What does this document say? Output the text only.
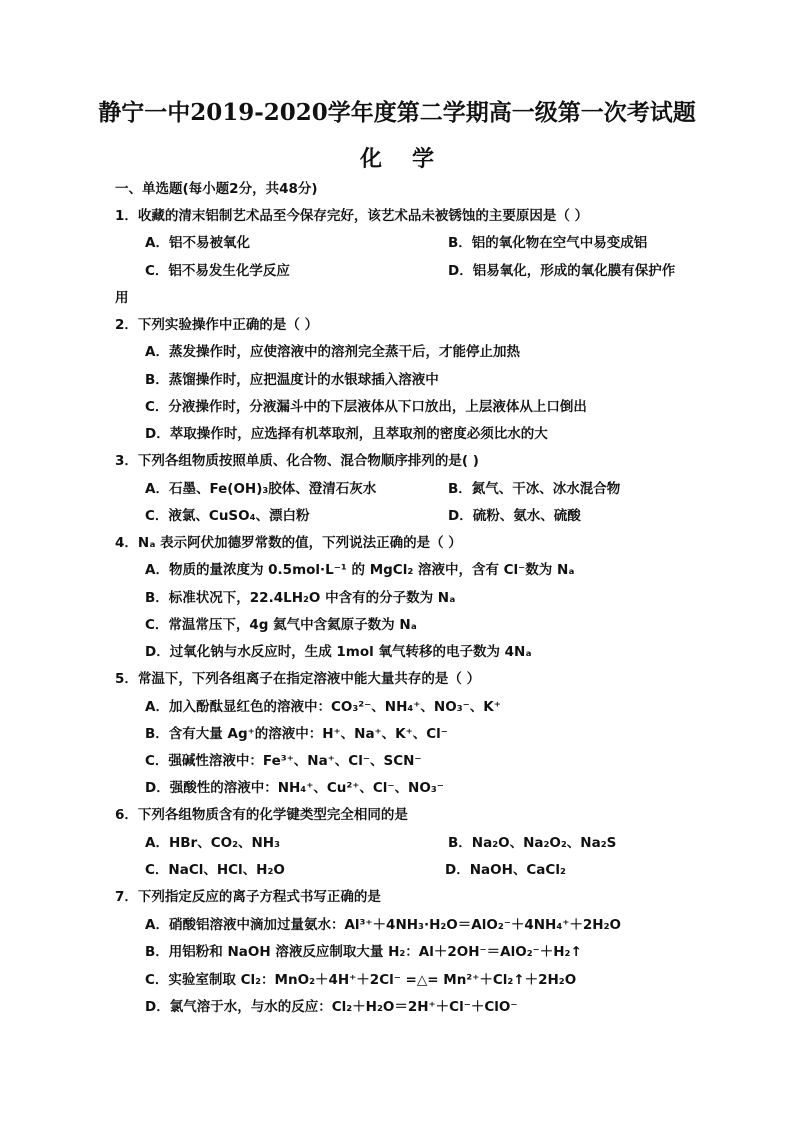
静宁一中2019-2020学年度第二学期高一级第一次考试题
化学
一、单选题(每小题2分，共48分)
1．收藏的清末铝制艺术品至今保存完好，该艺术品未被锈蚀的主要原因是（ ）
A．铝不易被氧化	B．铝的氧化物在空气中易变成铝
C．铝不易发生化学反应	D．铝易氧化，形成的氧化膜有保护作
用
2．下列实验操作中正确的是（ ）
A．蒸发操作时，应使溶液中的溶剂完全蒸干后，才能停止加热
B．蒸馏操作时，应把温度计的水银球插入溶液中
C．分液操作时，分液漏斗中的下层液体从下口放出，上层液体从上口倒出
D．萃取操作时，应选择有机萃取剂，且萃取剂的密度必须比水的大
3．下列各组物质按照单质、化合物、混合物顺序排列的是( )
A．石墨、Fe(OH)₃胶体、澄清石灰水	B．氮气、干冰、冰水混合物
C．液氯、CuSO₄、漂白粉	D．硫粉、氨水、硫酸
4．Nₐ 表示阿伏加德罗常数的值，下列说法正确的是（ ）
A．物质的量浓度为 0.5mol·L⁻¹ 的 MgCl₂ 溶液中，含有 Cl⁻数为 Nₐ
B．标准状况下，22.4LH₂O 中含有的分子数为 Nₐ
C．常温常压下，4g 氦气中含氦原子数为 Nₐ
D．过氧化钠与水反应时，生成 1mol 氧气转移的电子数为 4Nₐ
5．常温下，下列各组离子在指定溶液中能大量共存的是（ ）
A．加入酚酞显红色的溶液中：CO₃²⁻、NH₄⁺、NO₃⁻、K⁺
B．含有大量 Ag⁺的溶液中：H⁺、Na⁺、K⁺、Cl⁻
C．强碱性溶液中：Fe³⁺、Na⁺、Cl⁻、SCN⁻
D．强酸性的溶液中：NH₄⁺、Cu²⁺、Cl⁻、NO₃⁻
6．下列各组物质含有的化学键类型完全相同的是
A．HBr、CO₂、NH₃	B．Na₂O、Na₂O₂、Na₂S
C．NaCl、HCl、H₂O	D．NaOH、CaCl₂
7．下列指定反应的离子方程式书写正确的是
A．硝酸铝溶液中滴加过量氨水：Al³⁺＋4NH₃·H₂O＝AlO₂⁻＋4NH₄⁺＋2H₂O
B．用铝粉和 NaOH 溶液反应制取大量 H₂：Al＋2OH⁻＝AlO₂⁻＋H₂↑
C．实验室制取 Cl₂：MnO₂＋4H⁺＋2Cl⁻ =△= Mn²⁺＋Cl₂↑＋2H₂O
D．氯气溶于水，与水的反应：Cl₂＋H₂O＝2H⁺＋Cl⁻＋ClO⁻
